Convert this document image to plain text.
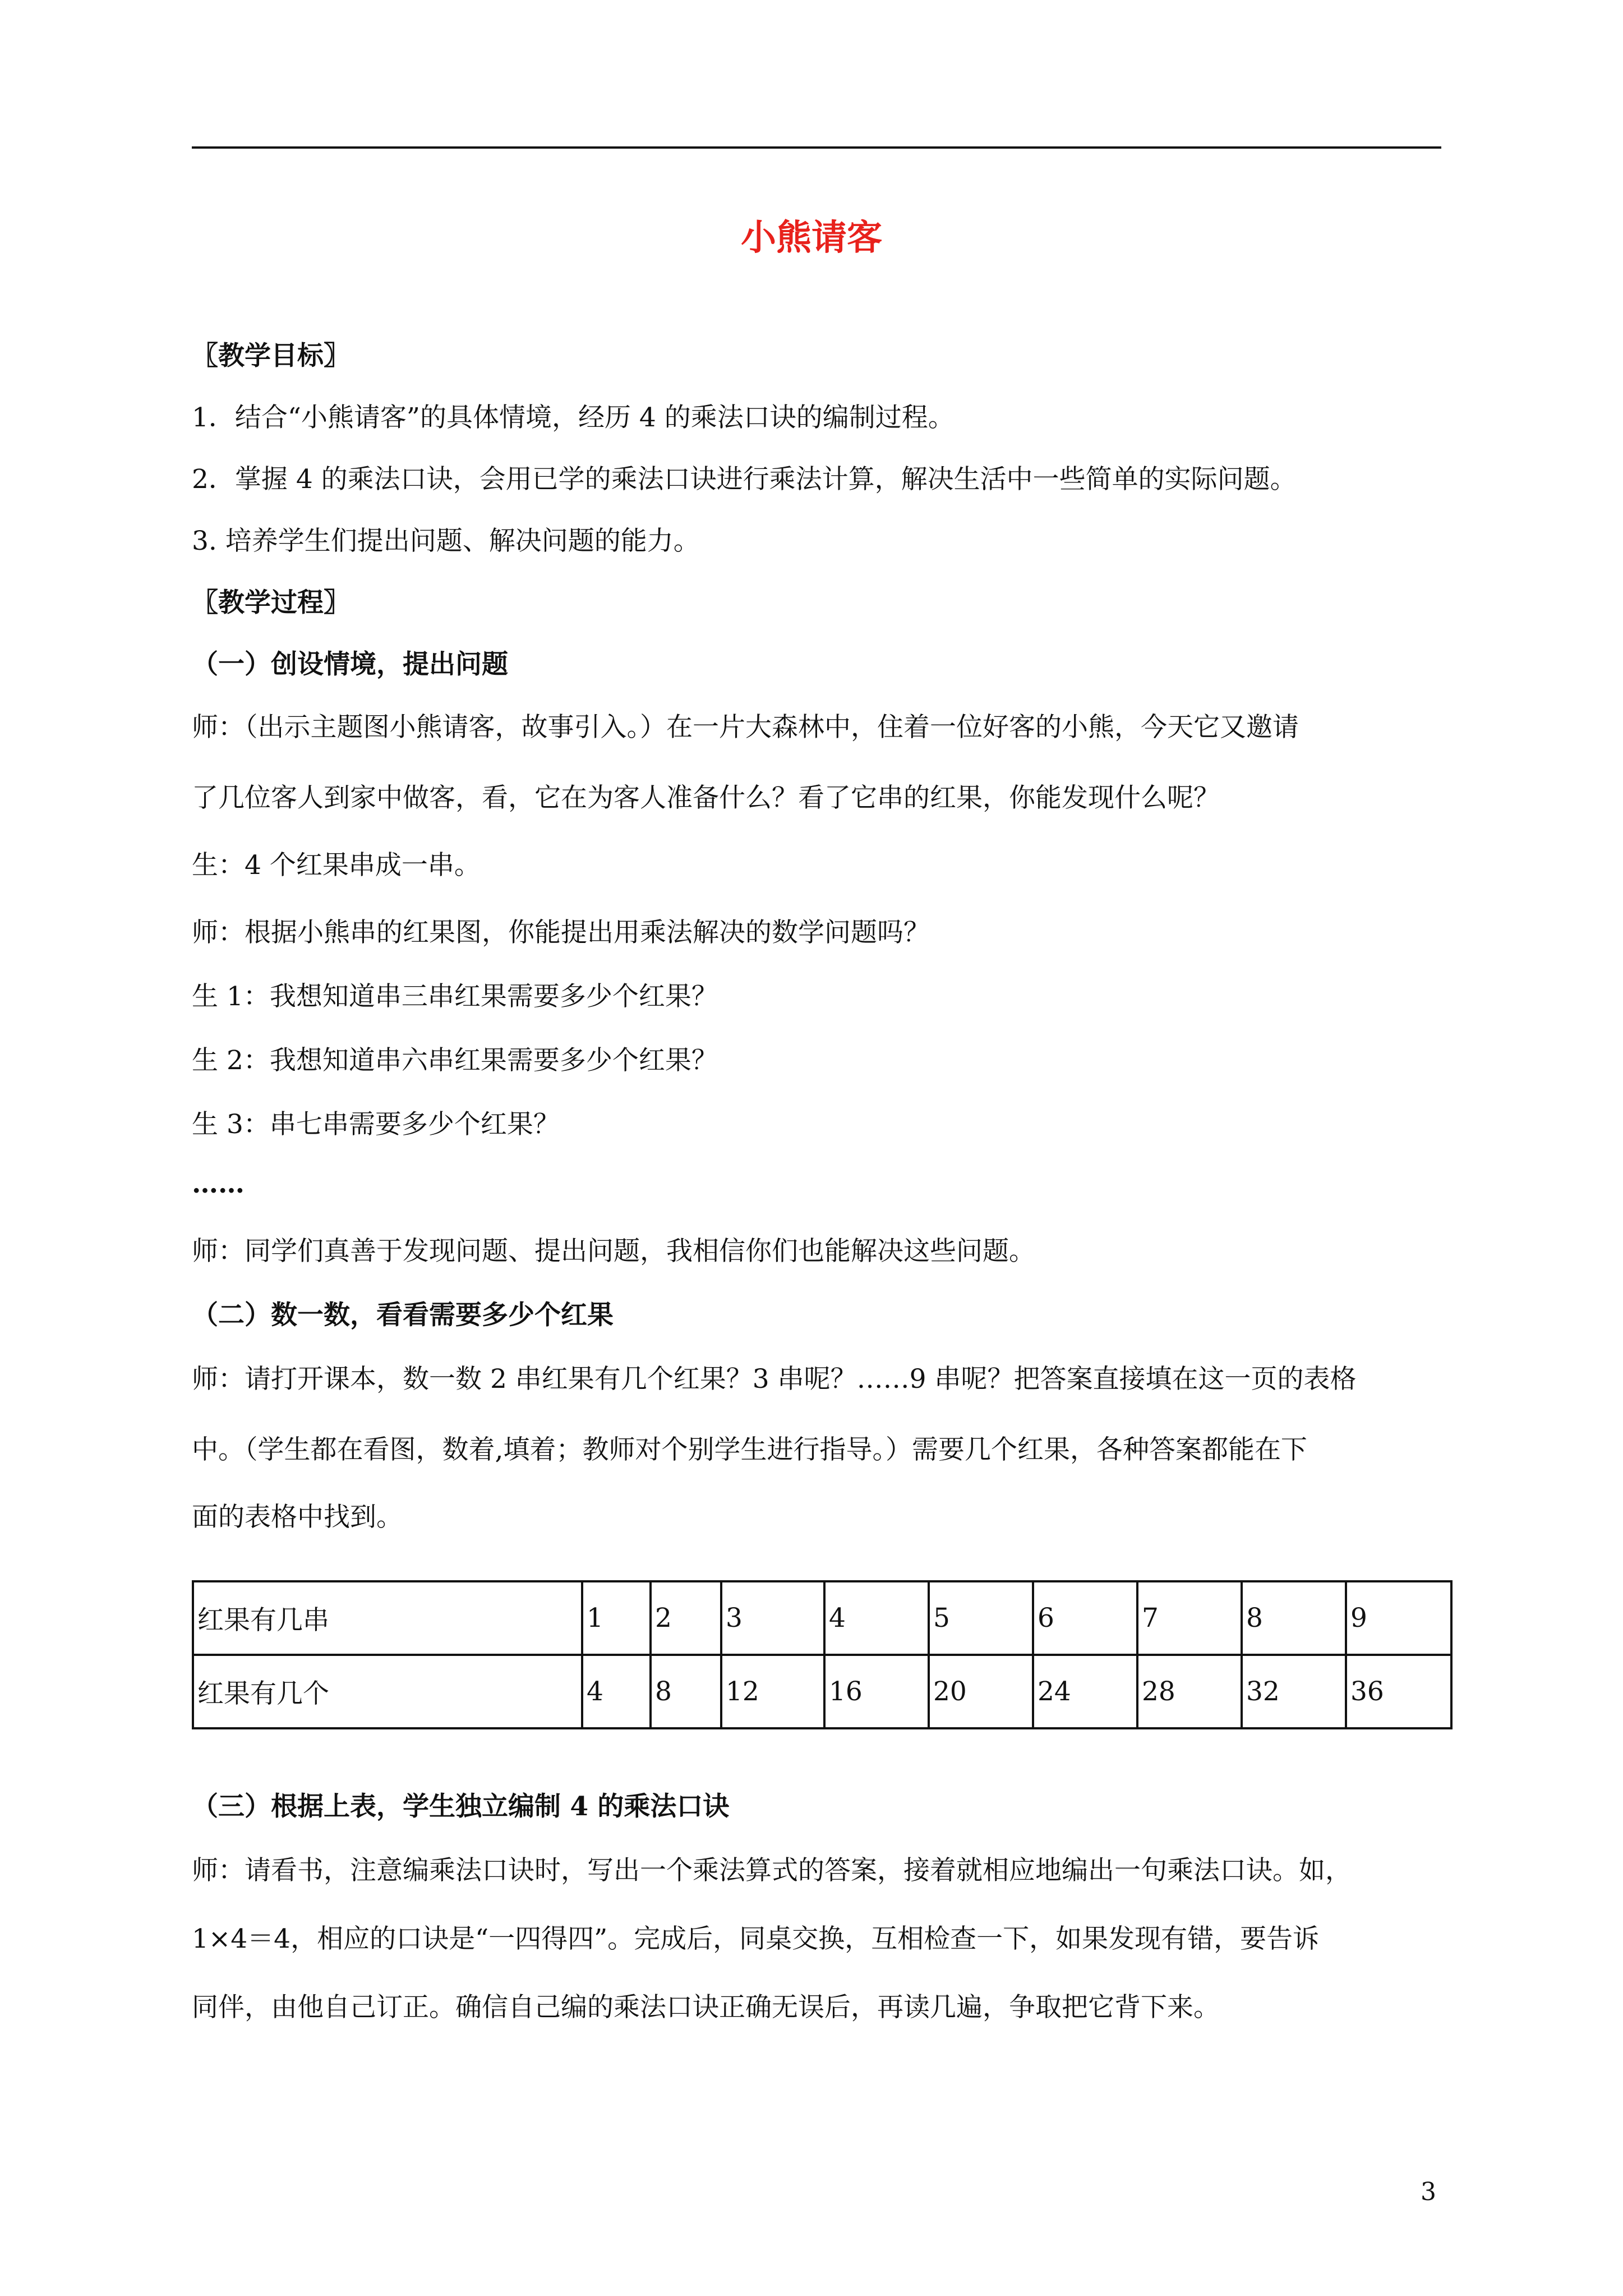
小熊请客
〖教学目标〗
1．结合“小熊请客”的具体情境，经历 4 的乘法口诀的编制过程。
2．掌握 4 的乘法口诀，会用已学的乘法口诀进行乘法计算，解决生活中一些简单的实际问题。
3. 培养学生们提出问题、解决问题的能力。
〖教学过程〗
（一）创设情境，提出问题
师：（出示主题图小熊请客，故事引入。）在一片大森林中，住着一位好客的小熊，今天它又邀请
了几位客人到家中做客，看，它在为客人准备什么？看了它串的红果，你能发现什么呢？
生：4 个红果串成一串。
师：根据小熊串的红果图，你能提出用乘法解决的数学问题吗？
生 1：我想知道串三串红果需要多少个红果？
生 2：我想知道串六串红果需要多少个红果？
生 3：串七串需要多少个红果？
……
师：同学们真善于发现问题、提出问题，我相信你们也能解决这些问题。
（二）数一数，看看需要多少个红果
师：请打开课本，数一数 2 串红果有几个红果？3 串呢？……9 串呢？把答案直接填在这一页的表格
中。（学生都在看图，数着,填着；教师对个别学生进行指导。）需要几个红果，各种答案都能在下
面的表格中找到。
红果有几串	1	2	3	4	5	6	7	8	9
红果有几个	4	8	12	16	20	24	28	32	36
（三）根据上表，学生独立编制 4 的乘法口诀
师：请看书，注意编乘法口诀时，写出一个乘法算式的答案，接着就相应地编出一句乘法口诀。如，
1×4＝4，相应的口诀是“一四得四”。完成后，同桌交换，互相检查一下，如果发现有错，要告诉
同伴，由他自己订正。确信自己编的乘法口诀正确无误后，再读几遍，争取把它背下来。
3
